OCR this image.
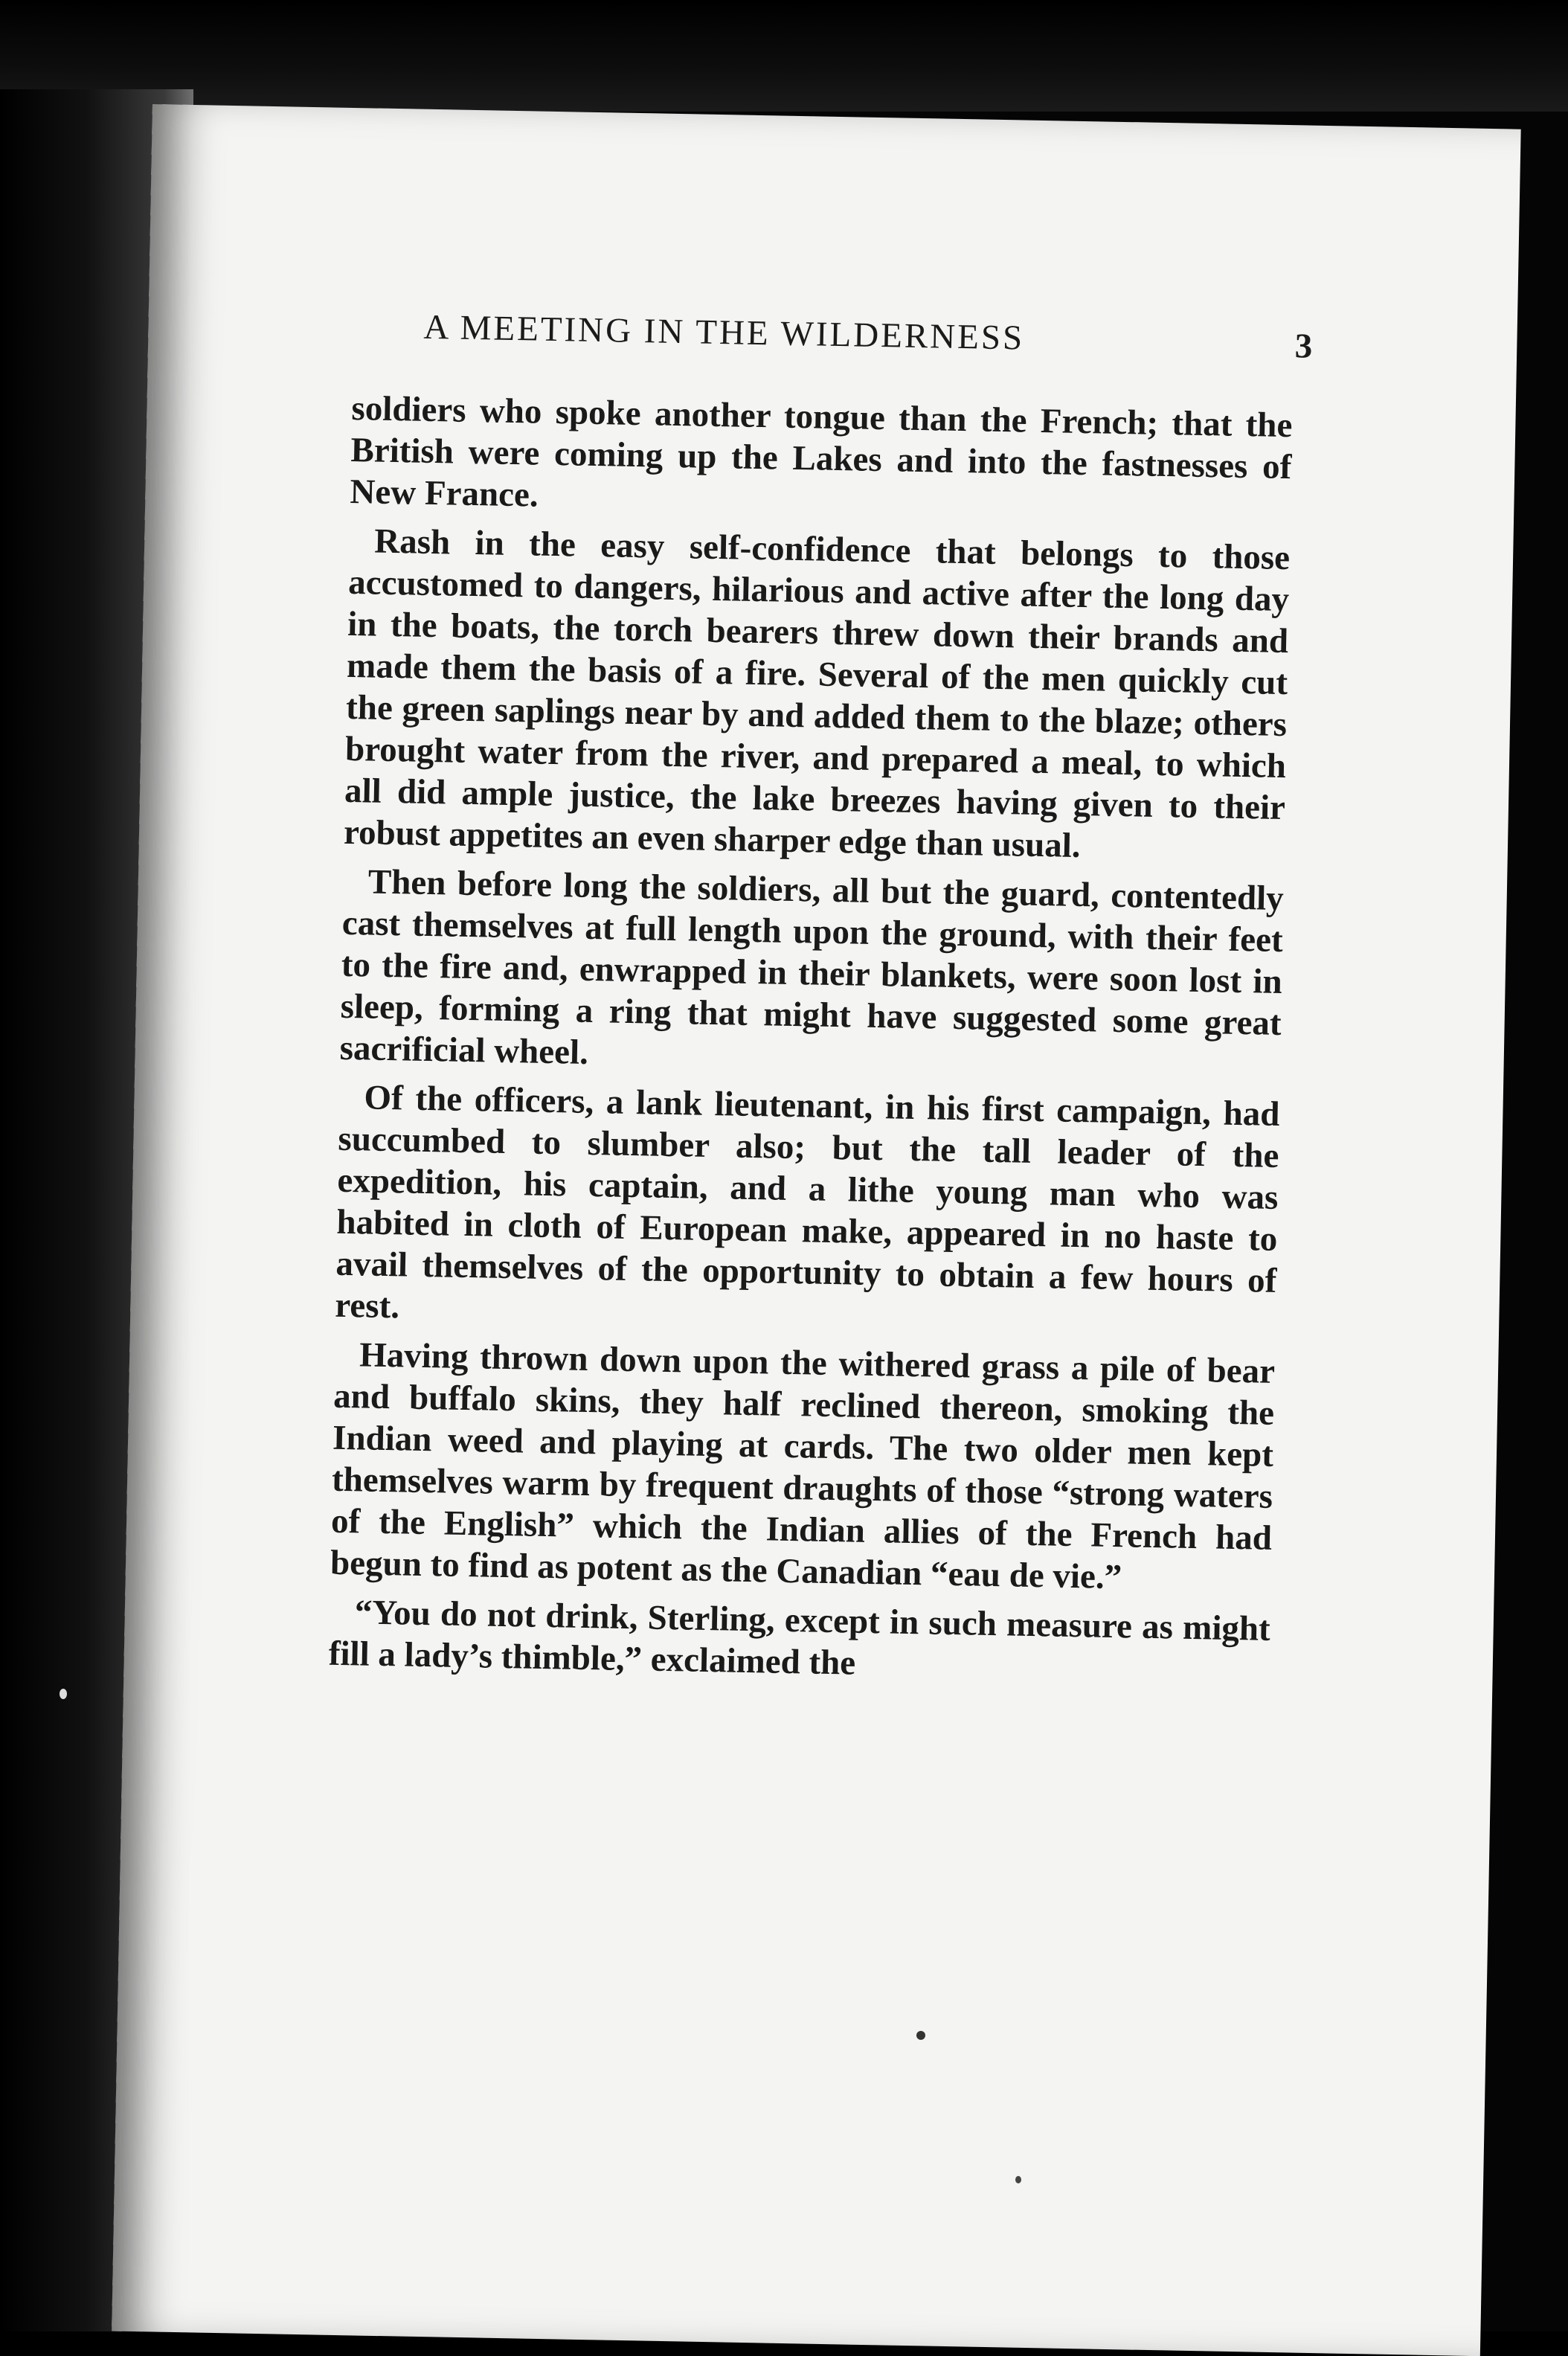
A MEETING IN THE WILDERNESS	3

soldiers who spoke another tongue than the French; that the British were coming up the Lakes and into the fastnesses of New France.

Rash in the easy self-confidence that belongs to those accustomed to dangers, hilarious and active after the long day in the boats, the torch bearers threw down their brands and made them the basis of a fire. Several of the men quickly cut the green saplings near by and added them to the blaze; others brought water from the river, and prepared a meal, to which all did ample justice, the lake breezes having given to their robust appetites an even sharper edge than usual.

Then before long the soldiers, all but the guard, contentedly cast themselves at full length upon the ground, with their feet to the fire and, enwrapped in their blankets, were soon lost in sleep, forming a ring that might have suggested some great sacrificial wheel.

Of the officers, a lank lieutenant, in his first campaign, had succumbed to slumber also; but the tall leader of the expedition, his captain, and a lithe young man who was habited in cloth of European make, appeared in no haste to avail themselves of the opportunity to obtain a few hours of rest.

Having thrown down upon the withered grass a pile of bear and buffalo skins, they half reclined thereon, smoking the Indian weed and playing at cards. The two older men kept themselves warm by frequent draughts of those “strong waters of the English” which the Indian allies of the French had begun to find as potent as the Canadian “eau de vie.”

“You do not drink, Sterling, except in such measure as might fill a lady’s thimble,” exclaimed the
